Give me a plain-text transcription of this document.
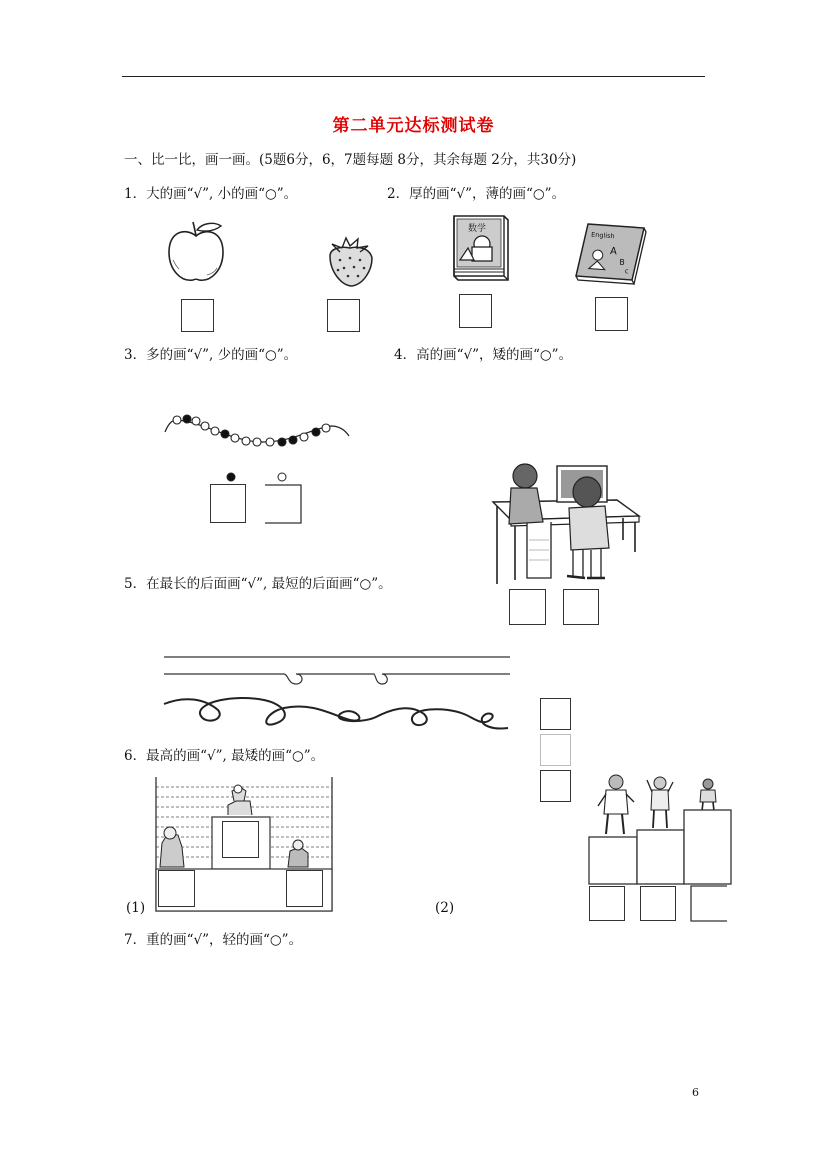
第二单元达标测试卷
一、比一比，画一画。(5题6分，6，7题每题 8分，其余每题 2分，共30分)
1．大的画“√”, 小的画“○”。	2．厚的画“√”，薄的画“○”。
数学
English
A
B
c
3．多的画“√”, 少的画“○”。	4．高的画“√”，矮的画“○”。
5．在最长的后面画“√”, 最短的后面画“○”。
6．最高的画“√”, 最矮的画“○”。
(1)	(2)
7．重的画“√”，轻的画“○”。
6
